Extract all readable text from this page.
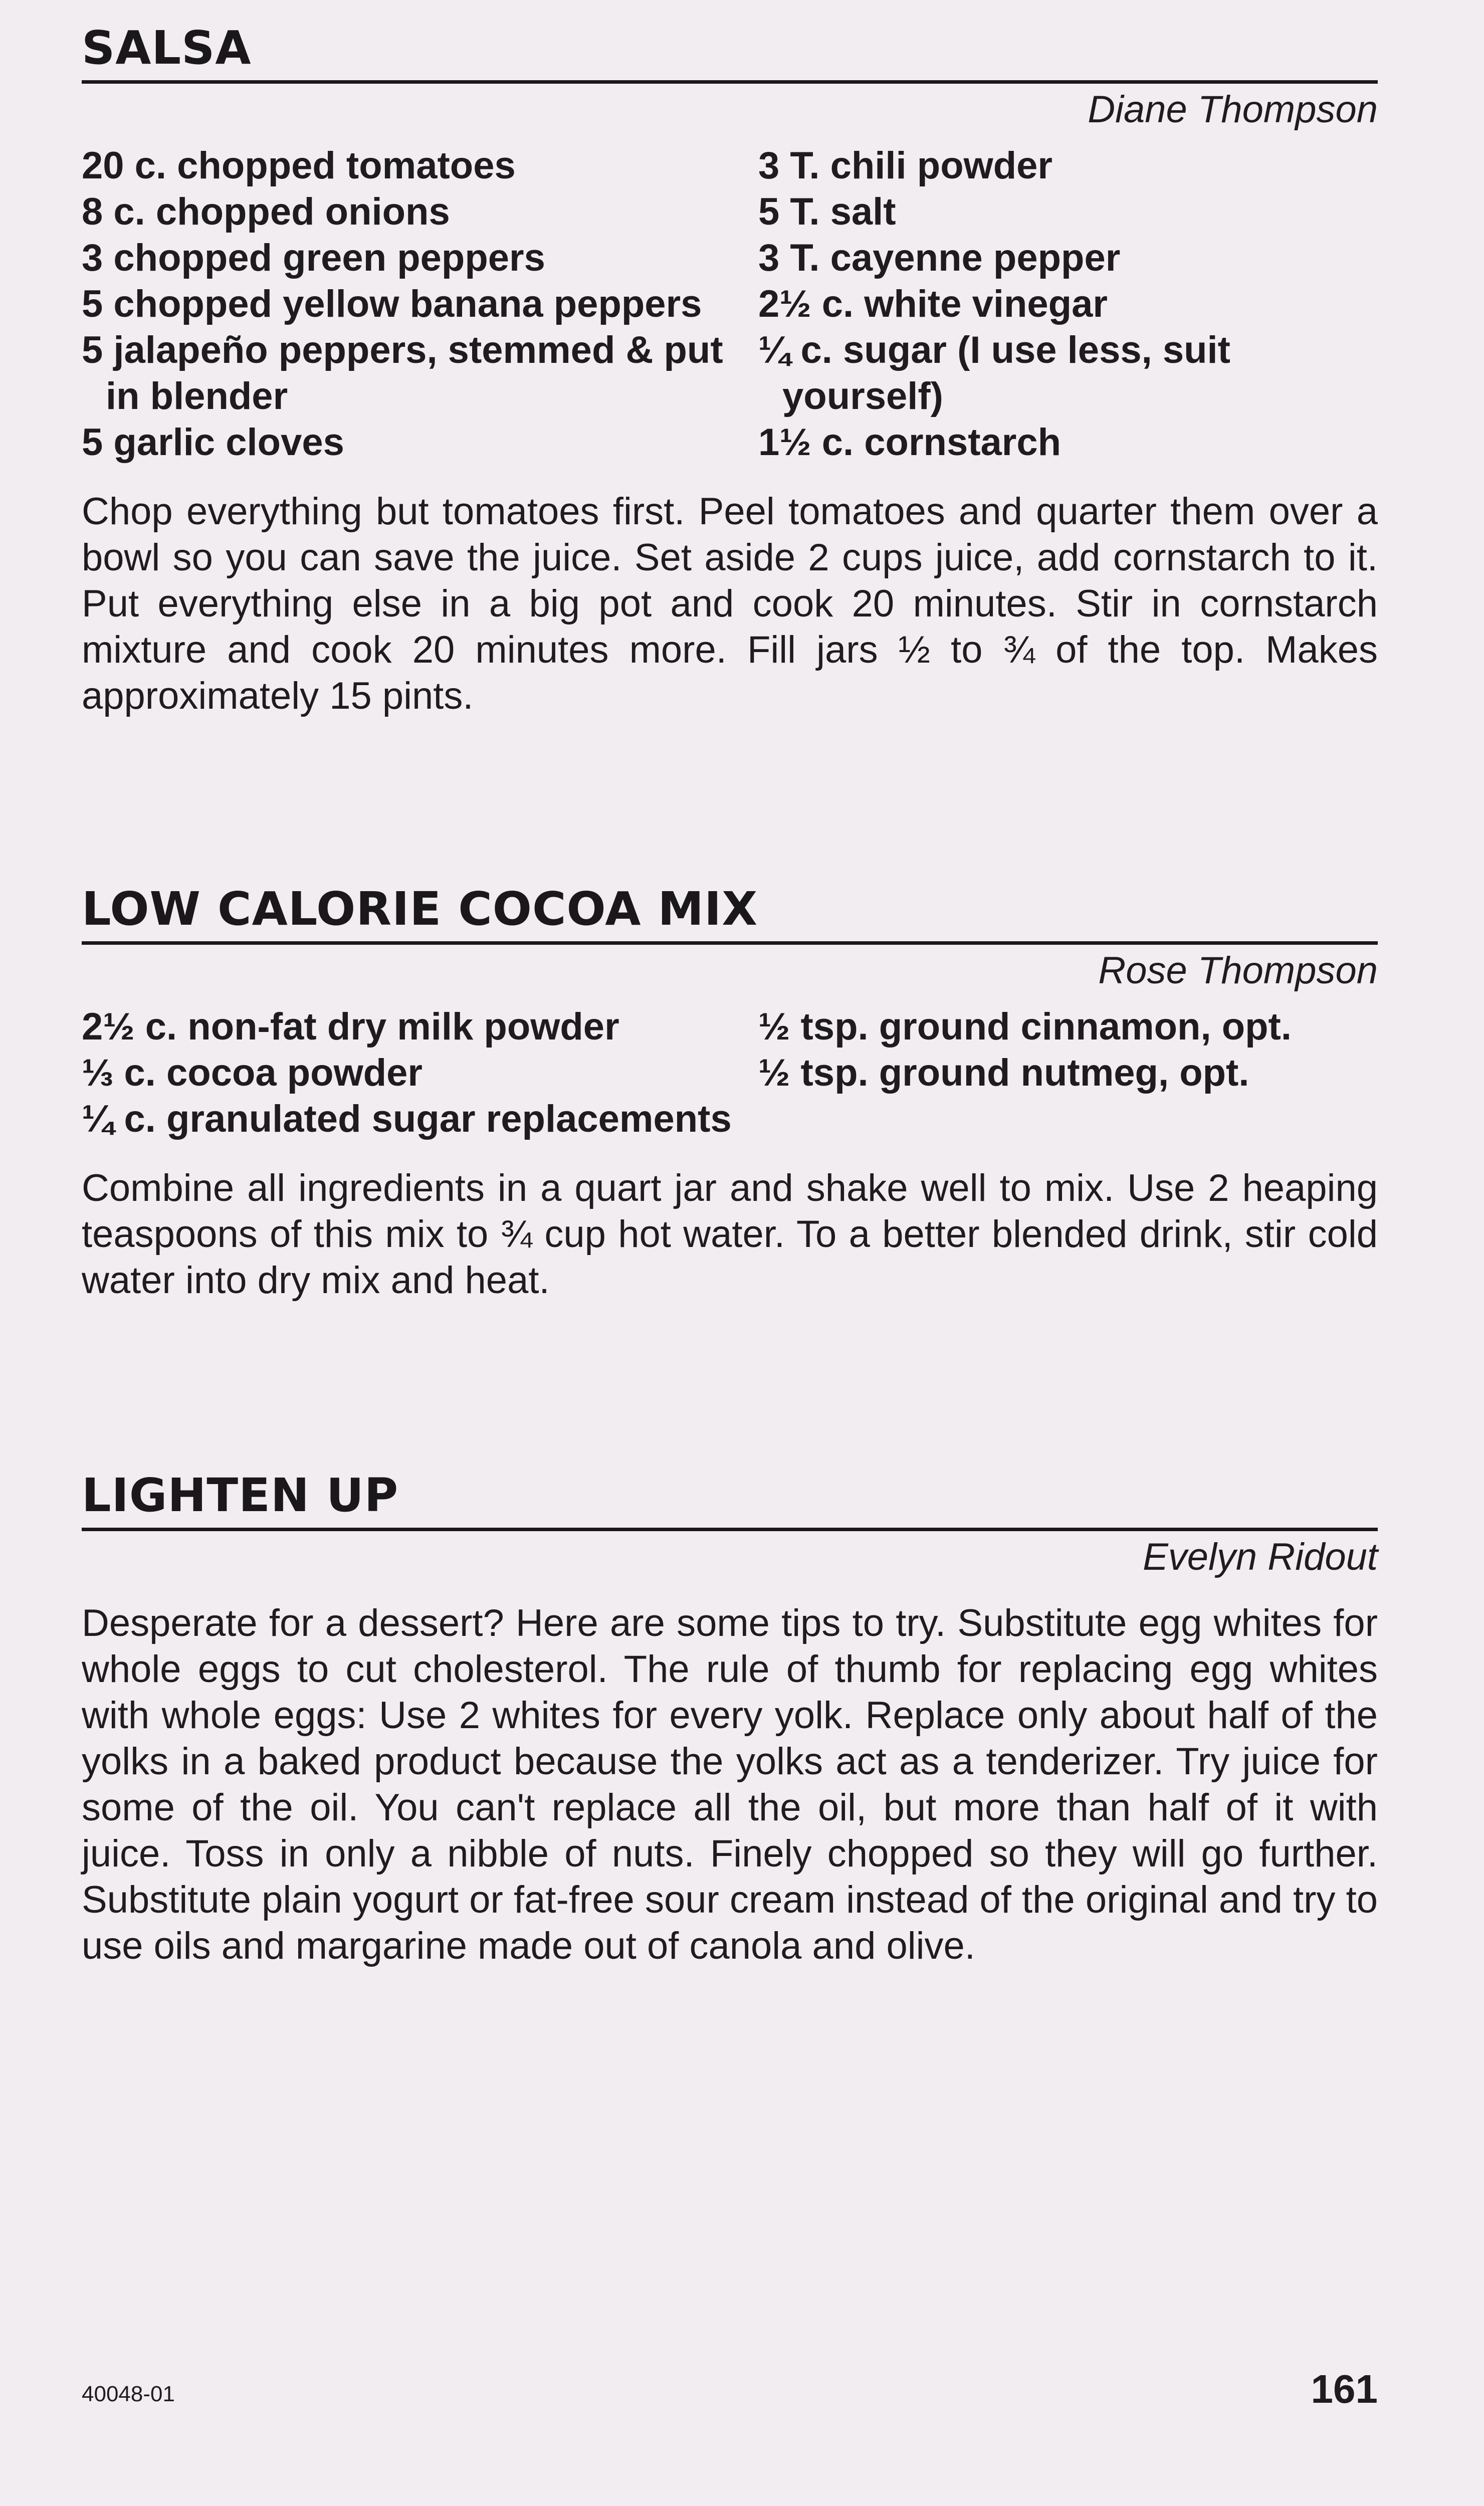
SALSA
Diane Thompson
20 c. chopped tomatoes
8 c. chopped onions
3 chopped green peppers
5 chopped yellow banana peppers
5 jalapeño peppers, stemmed & put in blender
5 garlic cloves
3 T. chili powder
5 T. salt
3 T. cayenne pepper
2½ c. white vinegar
¼ c. sugar (I use less, suit yourself)
1½ c. cornstarch

Chop everything but tomatoes first. Peel tomatoes and quarter them over a bowl so you can save the juice. Set aside 2 cups juice, add cornstarch to it. Put everything else in a big pot and cook 20 minutes. Stir in cornstarch mixture and cook 20 minutes more. Fill jars ½ to ¾ of the top. Makes approximately 15 pints.

LOW CALORIE COCOA MIX
Rose Thompson
2½ c. non-fat dry milk powder
⅓ c. cocoa powder
¼ c. granulated sugar replacements
½ tsp. ground cinnamon, opt.
½ tsp. ground nutmeg, opt.

Combine all ingredients in a quart jar and shake well to mix. Use 2 heaping teaspoons of this mix to ¾ cup hot water. To a better blended drink, stir cold water into dry mix and heat.

LIGHTEN UP
Evelyn Ridout

Desperate for a dessert? Here are some tips to try. Substitute egg whites for whole eggs to cut cholesterol. The rule of thumb for replacing egg whites with whole eggs: Use 2 whites for every yolk. Replace only about half of the yolks in a baked product because the yolks act as a tenderizer. Try juice for some of the oil. You can't replace all the oil, but more than half of it with juice. Toss in only a nibble of nuts. Finely chopped so they will go further. Substitute plain yogurt or fat-free sour cream instead of the original and try to use oils and margarine made out of canola and olive.

40048-01	161
